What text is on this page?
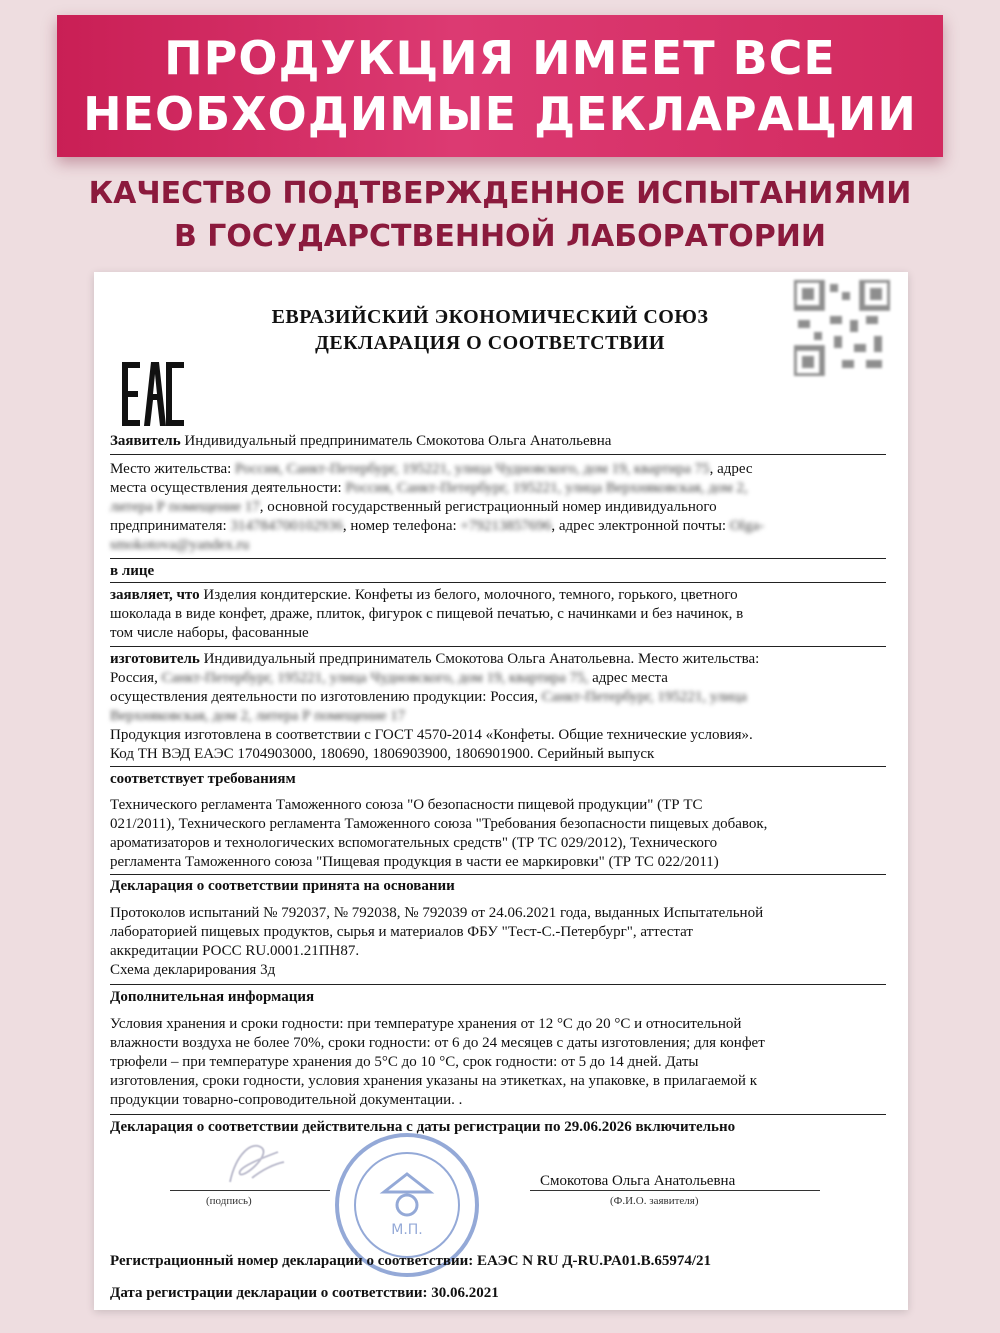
ПРОДУКЦИЯ ИМЕЕТ ВСЕ
НЕОБХОДИМЫЕ ДЕКЛАРАЦИИ
КАЧЕСТВО ПОДТВЕРЖДЕННОЕ ИСПЫТАНИЯМИ
В ГОСУДАРСТВЕННОЙ ЛАБОРАТОРИИ
ЕВРАЗИЙСКИЙ ЭКОНОМИЧЕСКИЙ СОЮЗ
ДЕКЛАРАЦИЯ О СООТВЕТСТВИИ
Заявитель Индивидуальный предприниматель Смокотова Ольга Анатольевна
Место жительства: Россия, Санкт-Петербург, 195221, улица Чудновского, дом 19, квартира 75, адрес
места осуществления деятельности: Россия, Санкт-Петербург, 195221, улица Верхняковская, дом 2,
литера Р помещение 17, основной государственный регистрационный номер индивидуального
предпринимателя: 314784700102936, номер телефона: +79213857696, адрес электронной почты: Olga-
smokotova@yandex.ru
в лице
заявляет, что Изделия кондитерские. Конфеты из белого, молочного, темного, горького, цветного
шоколада в виде конфет, драже, плиток, фигурок с пищевой печатью, с начинками и без начинок, в
том числе наборы, фасованные
изготовитель Индивидуальный предприниматель Смокотова Ольга Анатольевна. Место жительства:
Россия, Санкт-Петербург, 195221, улица Чудновского, дом 19, квартира 75, адрес места
осуществления деятельности по изготовлению продукции: Россия, Санкт-Петербург, 195221, улица
Верхняковская, дом 2, литера Р помещение 17
Продукция изготовлена в соответствии с ГОСТ 4570-2014 «Конфеты. Общие технические условия».
Код ТН ВЭД ЕАЭС 1704903000, 180690, 1806903900, 1806901900. Серийный выпуск
соответствует требованиям
Технического регламента Таможенного союза "О безопасности пищевой продукции" (ТР ТС
021/2011), Технического регламента Таможенного союза "Требования безопасности пищевых добавок,
ароматизаторов и технологических вспомогательных средств" (ТР ТС 029/2012), Технического
регламента Таможенного союза "Пищевая продукция в части ее маркировки" (ТР ТС 022/2011)
Декларация о соответствии принята на основании
Протоколов испытаний № 792037, № 792038, № 792039 от 24.06.2021 года, выданных Испытательной
лабораторией пищевых продуктов, сырья и материалов ФБУ "Тест-С.-Петербург", аттестат
аккредитации РОСС RU.0001.21ПН87.
Схема декларирования 3д
Дополнительная информация
Условия хранения и сроки годности: при температуре хранения от 12 °С до 20 °С и относительной
влажности воздуха не более 70%, сроки годности: от 6 до 24 месяцев с даты изготовления; для конфет
трюфели – при температуре хранения до 5°С до 10 °С, срок годности: от 5 до 14 дней. Даты
изготовления, сроки годности, условия хранения указаны на этикетках, на упаковке, в прилагаемой к
продукции товарно-сопроводительной документации. .
Декларация о соответствии действительна с даты регистрации по 29.06.2026 включительно
М.П.
Смокотова Ольга Анатольевна
(подпись)	(Ф.И.О. заявителя)
Регистрационный номер декларации о соответствии: ЕАЭС N RU Д-RU.PA01.B.65974/21
Дата регистрации декларации о соответствии: 30.06.2021
